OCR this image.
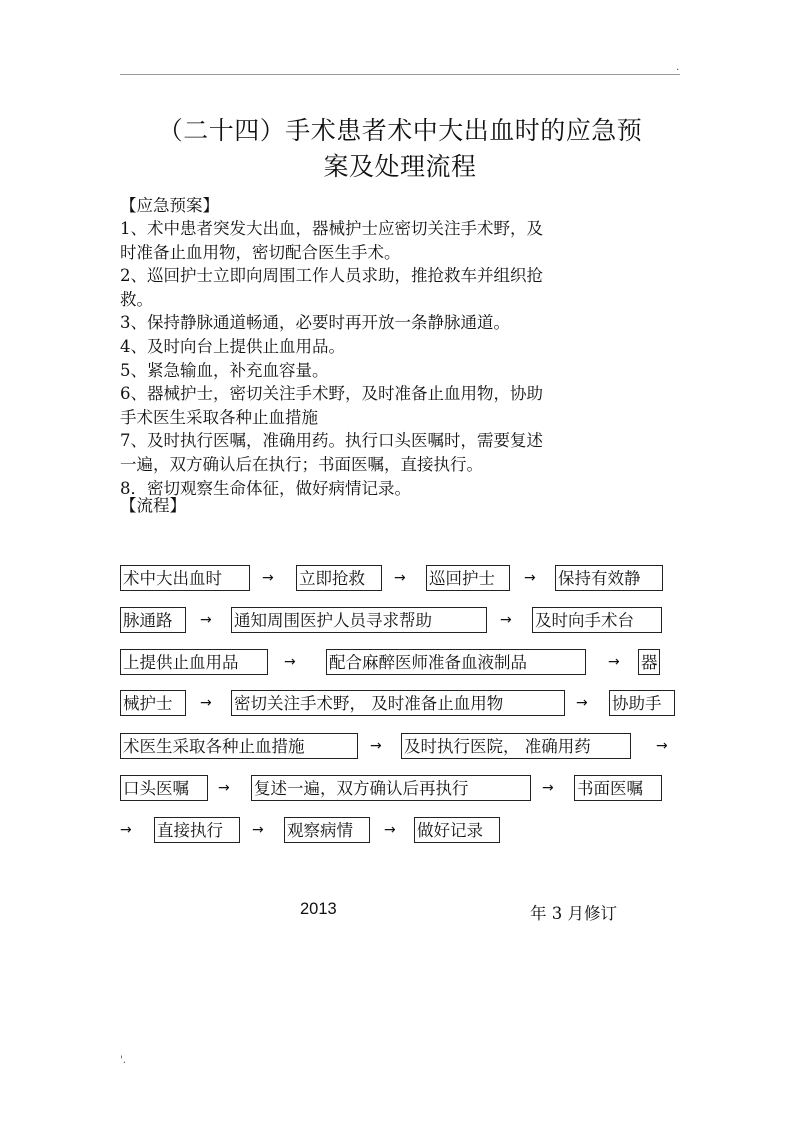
.
（二十四）手术患者术中大出血时的应急预
案及处理流程
【应急预案】
1、术中患者突发大出血，器械护士应密切关注手术野，及
时准备止血用物，密切配合医生手术。
2、巡回护士立即向周围工作人员求助，推抢救车并组织抢
救。
3、保持静脉通道畅通，必要时再开放一条静脉通道。
4、及时向台上提供止血用品。
5、紧急输血，补充血容量。
6、器械护士，密切关注手术野，及时准备止血用物，协助
手术医生采取各种止血措施
7、及时执行医嘱，准确用药。执行口头医嘱时，需要复述
一遍，双方确认后在执行；书面医嘱，直接执行。
8．密切观察生命体征，做好病情记录。
【流程】
术中大出血时	→ 立即抢救	→ 巡回护士	→ 保持有效静
脉通路	→ 通知周围医护人员寻求帮助	→ 及时向手术台
上提供止血用品	→ 配合麻醉医师准备血液制品	→ 器
械护士	→ 密切关注手术野， 及时准备止血用物	→ 协助手
术医生采取各种止血措施	→ 及时执行医院， 准确用药	→
口头医嘱	→ 复述一遍，双方确认后再执行	→ 书面医嘱
→ 直接执行	→ 观察病情	→ 做好记录
2013	年 3 月修订
'.
